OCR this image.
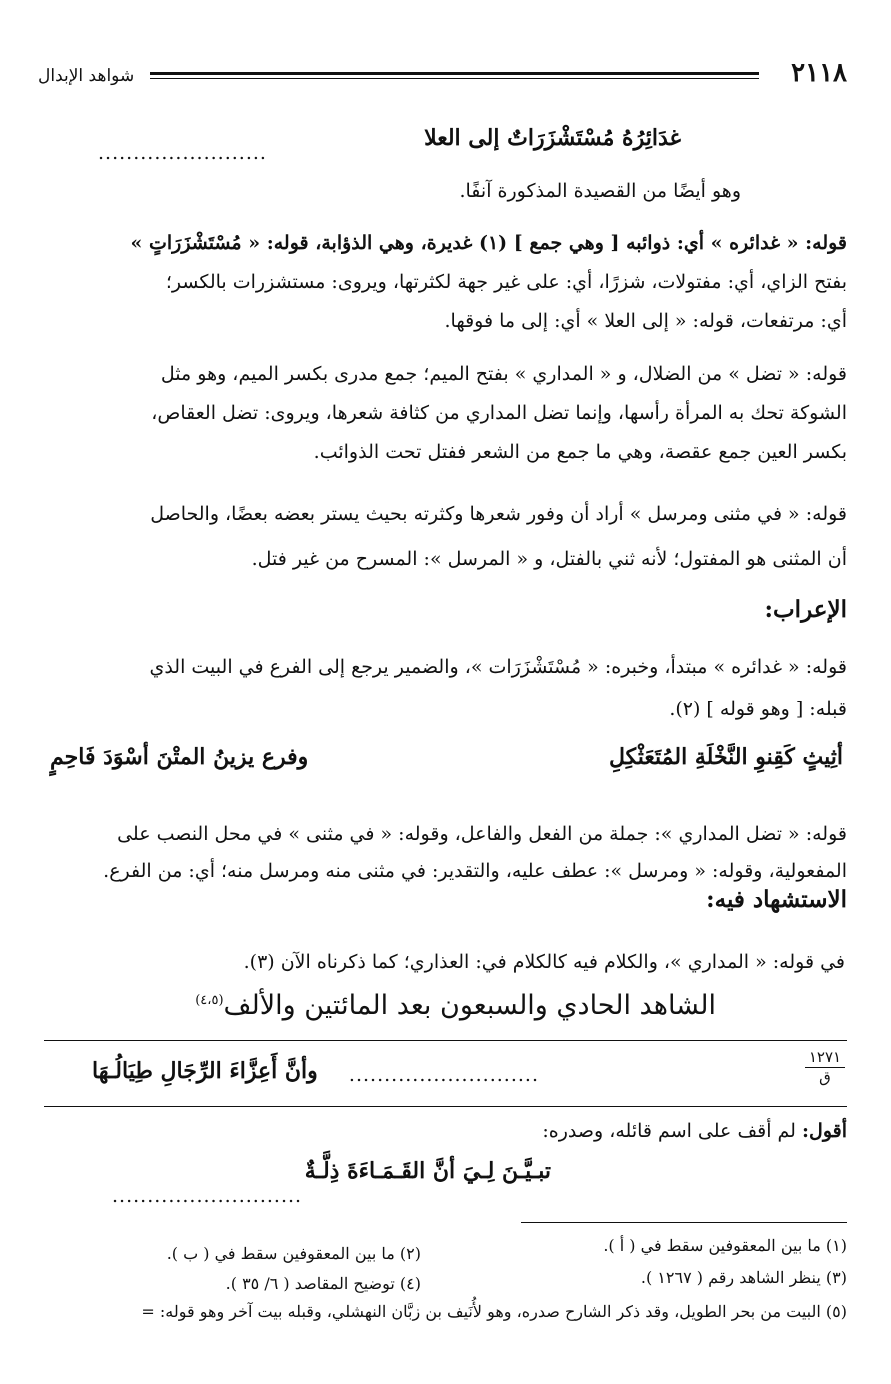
٢١١٨
شواهد الإبدال
غدَائِرُهُ مُسْتَشْزَرَاتٌ إلى العلا
........................
وهو أيضًا من القصيدة المذكورة آنفًا.
قوله: « غدائره » أي: ذوائبه [ وهي جمع ] (١) غديرة، وهي الذؤابة، قوله: « مُسْتَشْزَرَاتٍ »
بفتح الزاي، أي: مفتولات، شزرًا، أي: على غير جهة لكثرتها، ويروى: مستشزرات بالكسر؛
أي: مرتفعات، قوله: « إلى العلا » أي: إلى ما فوقها.
قوله: « تضل » من الضلال، و « المداري » بفتح الميم؛ جمع مدرى بكسر الميم، وهو مثل
الشوكة تحك به المرأة رأسها، وإنما تضل المداري من كثافة شعرها، ويروى: تضل العقاص،
بكسر العين جمع عقصة، وهي ما جمع من الشعر ففتل تحت الذوائب.
قوله: « في مثنى ومرسل » أراد أن وفور شعرها وكثرته بحيث يستر بعضه بعضًا، والحاصل
أن المثنى هو المفتول؛ لأنه ثني بالفتل، و « المرسل »: المسرح من غير فتل.
الإعراب:
قوله: « غدائره » مبتدأ، وخبره: « مُسْتَشْزَرَات »، والضمير يرجع إلى الفرع في البيت الذي
قبله: [ وهو قوله ] (٢).
أثِيثٍ كَقِنوِ النَّخْلَةِ المُتَعَثْكِلِ
وفرع يزينُ المتْنَ أسْوَدَ فَاحِمٍ
قوله: « تضل المداري »: جملة من الفعل والفاعل، وقوله: « في مثنى » في محل النصب على
المفعولية، وقوله: « ومرسل »: عطف عليه، والتقدير: في مثنى منه ومرسل منه؛ أي: من الفرع.
الاستشهاد فيه:
في قوله: « المداري »، والكلام فيه كالكلام في: العذاري؛ كما ذكرناه الآن (٣).
الشاهد الحادي والسبعون بعد المائتين والألف$^{(٤،٥)}$
١٢٧١
ق
...........................
وأنَّ أَعِزَّاءَ الرِّجَالِ طِيَالُـهَا
أقول: لم أقف على اسم قائله، وصدره:
تبـيَّـنَ لِـيَ أنَّ القَـمَـاءَةَ ذِلَّـةٌ
...........................
(١) ما بين المعقوفين سقط في ( أ ).
(٢) ما بين المعقوفين سقط في ( ب ).
(٣) ينظر الشاهد رقم ( ١٢٦٧ ).
(٤) توضيح المقاصد ( ٦/ ٣٥ ).
(٥) البيت من بحر الطويل، وقد ذكر الشارح صدره، وهو لأُنَيف بن زبَّان النهشلي، وقبله بيت آخر وهو قوله: =
